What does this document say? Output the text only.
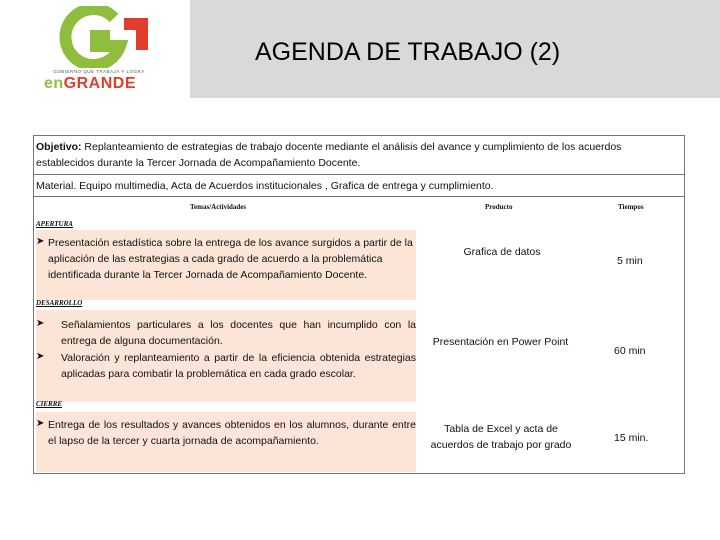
GOBIERNO QUE TRABAJA Y LOGRA
enGRANDE
AGENDA DE TRABAJO (2)
Objetivo: Replanteamiento de estrategias de trabajo docente mediante el análisis del avance y cumplimiento de los acuerdos establecidos durante la Tercer Jornada de Acompañamiento Docente.
Material. Equipo multimedia, Acta de Acuerdos institucionales , Grafica de entrega y cumplimiento.
Temas/Actividades	Producto	Tiempos
APERTURA
➤ Presentación estadística sobre la entrega de los avance surgidos a partir de la aplicación de las estrategias a cada grado de acuerdo a la problemática identificada durante la Tercer Jornada de Acompañamiento Docente.
Grafica de datos
5 min
DESARROLLO
➤ Señalamientos particulares a los docentes que han incumplido con la entrega de alguna documentación.
➤ Valoración y replanteamiento a partir de la eficiencia obtenida estrategias aplicadas para combatir la problemática en cada grado escolar.
Presentación en Power Point
60 min
CIERRE
➤ Entrega de los resultados y avances obtenidos en los alumnos, durante entre el lapso de la tercer y cuarta jornada de acompañamiento.
Tabla de Excel y acta de acuerdos de trabajo por grado
15 min.
